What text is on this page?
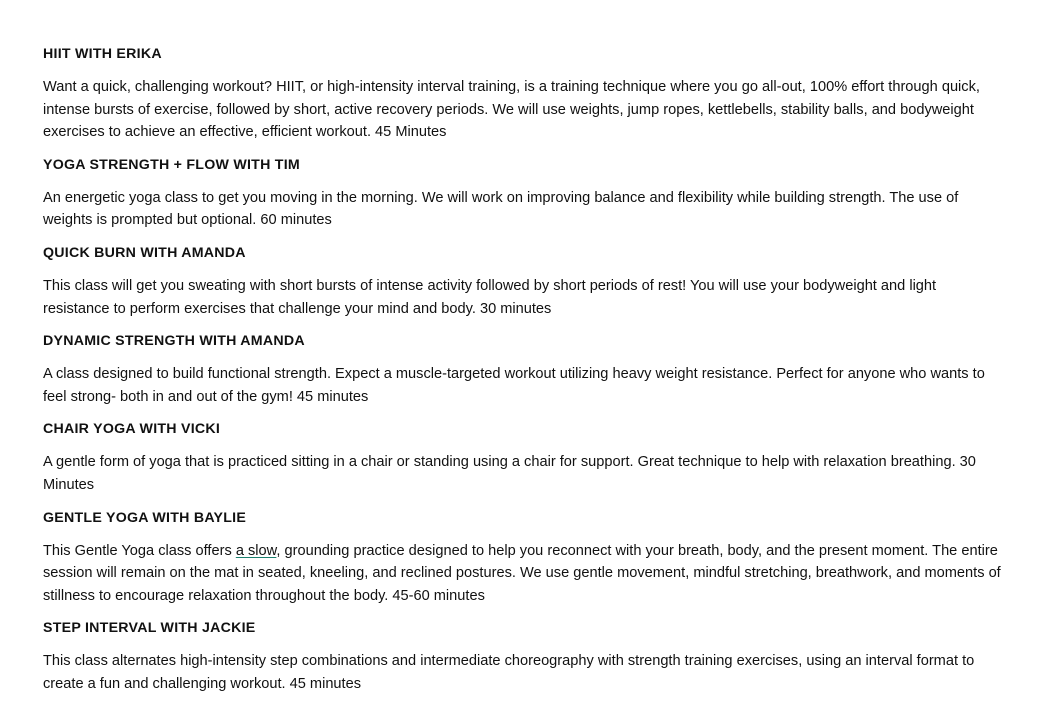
HIIT WITH ERIKA
Want a quick, challenging workout? HIIT, or high-intensity interval training, is a training technique where you go all-out, 100% effort through quick, intense bursts of exercise, followed by short, active recovery periods. We will use weights, jump ropes, kettlebells, stability balls, and bodyweight exercises to achieve an effective, efficient workout. 45 Minutes
YOGA STRENGTH + FLOW WITH TIM
An energetic yoga class to get you moving in the morning. We will work on improving balance and flexibility while building strength. The use of weights is prompted but optional. 60 minutes
QUICK BURN WITH AMANDA
This class will get you sweating with short bursts of intense activity followed by short periods of rest! You will use your bodyweight and light resistance to perform exercises that challenge your mind and body. 30 minutes
DYNAMIC STRENGTH WITH AMANDA
A class designed to build functional strength. Expect a muscle-targeted workout utilizing heavy weight resistance. Perfect for anyone who wants to feel strong- both in and out of the gym! 45 minutes
CHAIR YOGA WITH VICKI
A gentle form of yoga that is practiced sitting in a chair or standing using a chair for support. Great technique to help with relaxation breathing. 30 Minutes
GENTLE YOGA WITH BAYLIE
This Gentle Yoga class offers a slow, grounding practice designed to help you reconnect with your breath, body, and the present moment. The entire session will remain on the mat in seated, kneeling, and reclined postures. We use gentle movement, mindful stretching, breathwork, and moments of stillness to encourage relaxation throughout the body. 45-60 minutes
STEP INTERVAL WITH JACKIE
This class alternates high-intensity step combinations and intermediate choreography with strength training exercises, using an interval format to create a fun and challenging workout. 45 minutes
